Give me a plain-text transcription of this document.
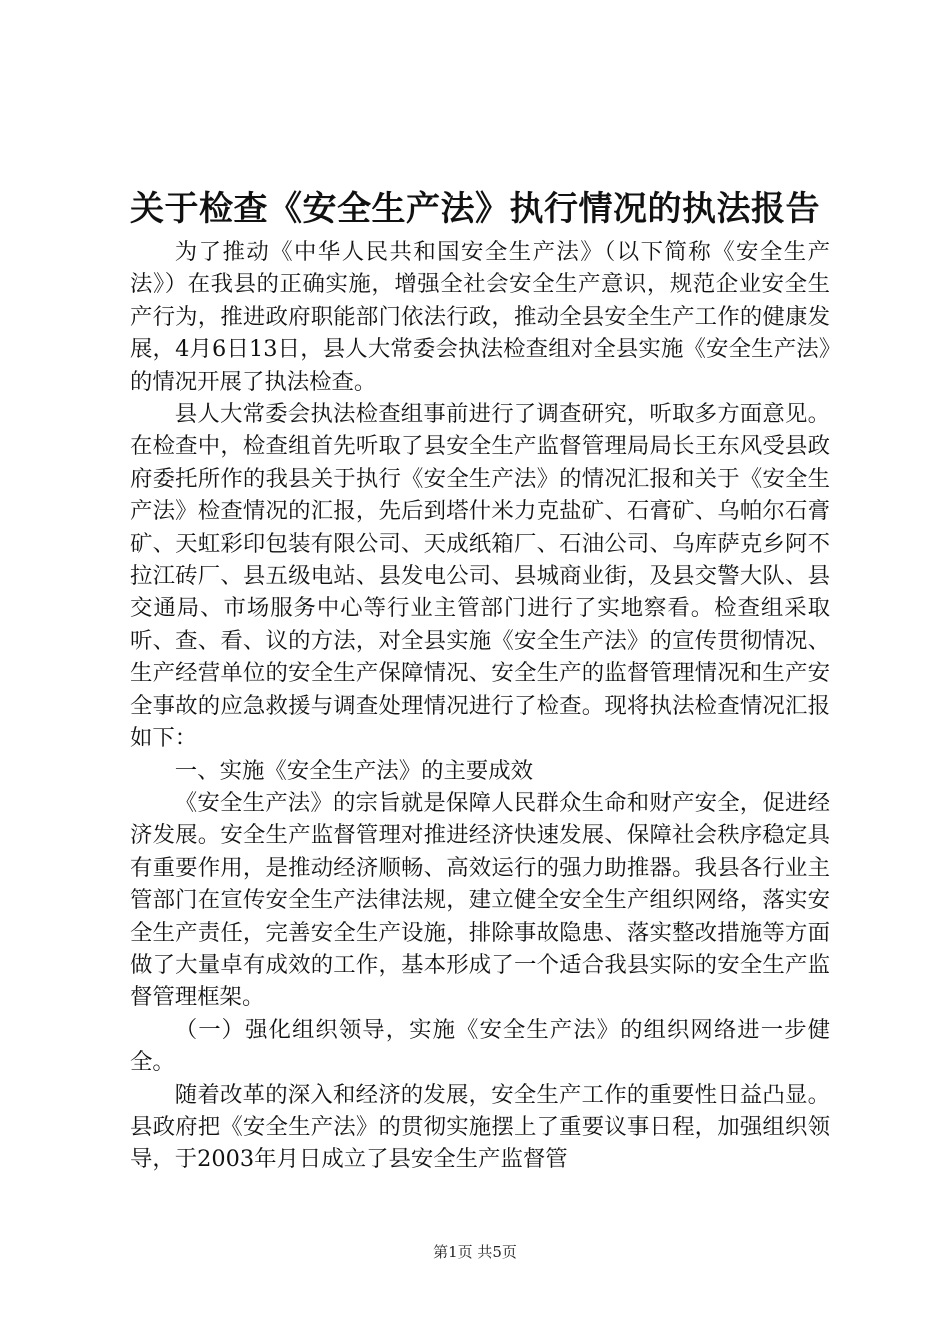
关于检查《安全生产法》执行情况的执法报告

为了推动《中华人民共和国安全生产法》（以下简称《安全生产法》）在我县的正确实施，增强全社会安全生产意识，规范企业安全生产行为，推进政府职能部门依法行政，推动全县安全生产工作的健康发展，4月6日13日，县人大常委会执法检查组对全县实施《安全生产法》的情况开展了执法检查。

县人大常委会执法检查组事前进行了调查研究，听取多方面意见。在检查中，检查组首先听取了县安全生产监督管理局局长王东风受县政府委托所作的我县关于执行《安全生产法》的情况汇报和关于《安全生产法》检查情况的汇报，先后到塔什米力克盐矿、石膏矿、乌帕尔石膏矿、天虹彩印包装有限公司、天成纸箱厂、石油公司、乌库萨克乡阿不拉江砖厂、县五级电站、县发电公司、县城商业街，及县交警大队、县交通局、市场服务中心等行业主管部门进行了实地察看。检查组采取听、查、看、议的方法，对全县实施《安全生产法》的宣传贯彻情况、生产经营单位的安全生产保障情况、安全生产的监督管理情况和生产安全事故的应急救援与调查处理情况进行了检查。现将执法检查情况汇报如下：

一、实施《安全生产法》的主要成效

《安全生产法》的宗旨就是保障人民群众生命和财产安全，促进经济发展。安全生产监督管理对推进经济快速发展、保障社会秩序稳定具有重要作用，是推动经济顺畅、高效运行的强力助推器。我县各行业主管部门在宣传安全生产法律法规，建立健全安全生产组织网络，落实安全生产责任，完善安全生产设施，排除事故隐患、落实整改措施等方面做了大量卓有成效的工作，基本形成了一个适合我县实际的安全生产监督管理框架。

（一）强化组织领导，实施《安全生产法》的组织网络进一步健全。

随着改革的深入和经济的发展，安全生产工作的重要性日益凸显。县政府把《安全生产法》的贯彻实施摆上了重要议事日程，加强组织领导，于2003年月日成立了县安全生产监督管

第1页 共5页
